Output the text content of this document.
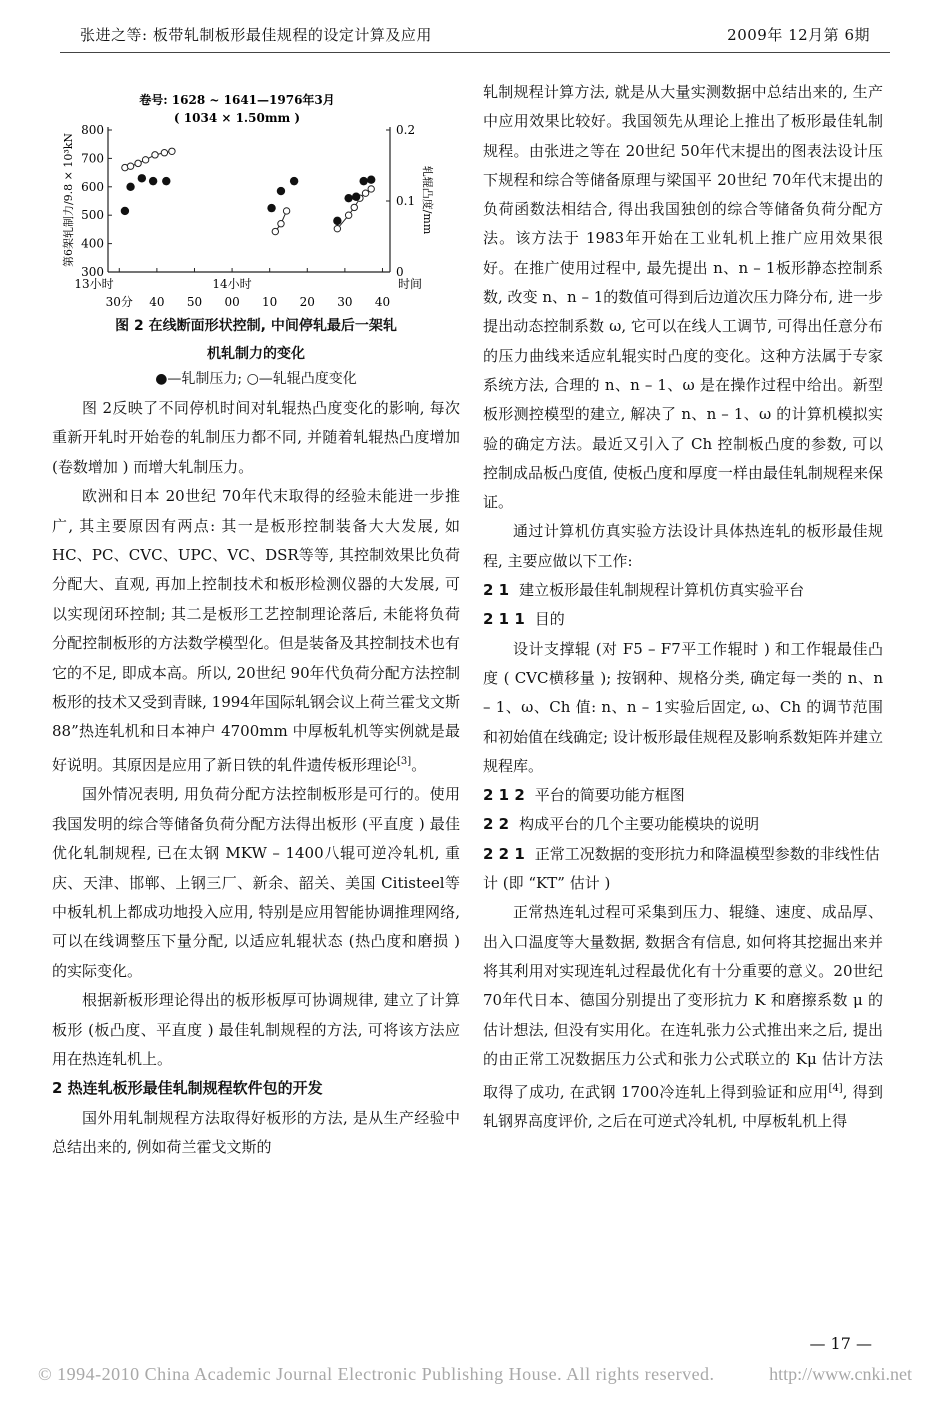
张进之等: 板带轧制板形最佳规程的设定计算及应用	2009年 12月第 6期
卷号: 1628 ~ 1641—1976年3月
( 1034 × 1.50mm )
800
700
600
500
400
300
0.2
0.1
0
第6架轧制力/9.8 × 10³kN	轧辊凸度/mm
13小时	14小时	时间
30分 40 50 00 10 20 30 40

图 2 在线断面形状控制, 中间停轧最后一架轧

机轧制力的变化

●—轧制压力; ○—轧辊凸度变化

图 2反映了不同停机时间对轧辊热凸度变化的影响, 每次重新开轧时开始卷的轧制压力都不同, 并随着轧辊热凸度增加 (卷数增加 ) 而增大轧制压力。

欧洲和日本 20世纪 70年代末取得的经验未能进一步推广, 其主要原因有两点: 其一是板形控制装备大大发展, 如 HC、PC、CVC、UPC、VC、DSR等等, 其控制效果比负荷分配大、直观, 再加上控制技术和板形检测仪器的大发展, 可以实现闭环控制; 其二是板形工艺控制理论落后, 未能将负荷分配控制板形的方法数学模型化。但是装备及其控制技术也有它的不足, 即成本高。所以, 20世纪 90年代负荷分配方法控制板形的技术又受到青睐, 1994年国际轧钢会议上荷兰霍戈文斯 88”热连轧机和日本神户 4700mm 中厚板轧机等实例就是最好说明。其原因是应用了新日铁的轧件遗传板形理论[3]。

国外情况表明, 用负荷分配方法控制板形是可行的。使用我国发明的综合等储备负荷分配方法得出板形 (平直度 ) 最佳优化轧制规程, 已在太钢 MKW – 1400八辊可逆冷轧机, 重庆、天津、邯郸、上钢三厂、新余、韶关、美国 Citisteel等中板轧机上都成功地投入应用, 特别是应用智能协调推理网络, 可以在线调整压下量分配, 以适应轧辊状态 (热凸度和磨损 ) 的实际变化。

根据新板形理论得出的板形板厚可协调规律, 建立了计算板形 (板凸度、平直度 ) 最佳轧制规程的方法, 可将该方法应用在热连轧机上。

2 热连轧板形最佳轧制规程软件包的开发

国外用轧制规程方法取得好板形的方法, 是从生产经验中总结出来的, 例如荷兰霍戈文斯的

轧制规程计算方法, 就是从大量实测数据中总结出来的, 生产中应用效果比较好。我国领先从理论上推出了板形最佳轧制规程。由张进之等在 20世纪 50年代末提出的图表法设计压下规程和综合等储备原理与梁国平 20世纪 70年代末提出的负荷函数法相结合, 得出我国独创的综合等储备负荷分配方法。该方法于 1983年开始在工业轧机上推广应用效果很好。在推广使用过程中, 最先提出 n、n – 1板形静态控制系数, 改变 n、n – 1的数值可得到后边道次压力降分布, 进一步提出动态控制系数 ω, 它可以在线人工调节, 可得出任意分布的压力曲线来适应轧辊实时凸度的变化。这种方法属于专家系统方法, 合理的 n、n – 1、ω 是在操作过程中给出。新型板形测控模型的建立, 解决了 n、n – 1、ω 的计算机模拟实验的确定方法。最近又引入了 Ch 控制板凸度的参数, 可以控制成品板凸度值, 使板凸度和厚度一样由最佳轧制规程来保证。

通过计算机仿真实验方法设计具体热连轧的板形最佳规程, 主要应做以下工作:

2 1 建立板形最佳轧制规程计算机仿真实验平台

2 1 1 目的

设计支撑辊 (对 F5 – F7平工作辊时 ) 和工作辊最佳凸度 ( CVC横移量 ); 按钢种、规格分类, 确定每一类的 n、n – 1、ω、Ch 值: n、n – 1实验后固定, ω、Ch 的调节范围和初始值在线确定; 设计板形最佳规程及影响系数矩阵并建立规程库。

2 1 2 平台的简要功能方框图

2 2 构成平台的几个主要功能模块的说明

2 2 1 正常工况数据的变形抗力和降温模型参数的非线性估计 (即 “KT” 估计 )

正常热连轧过程可采集到压力、辊缝、速度、成品厚、出入口温度等大量数据, 数据含有信息, 如何将其挖掘出来并将其利用对实现连轧过程最优化有十分重要的意义。20世纪 70年代日本、德国分别提出了变形抗力 K 和磨擦系数 μ 的估计想法, 但没有实用化。在连轧张力公式推出来之后, 提出的由正常工况数据压力公式和张力公式联立的 Kμ 估计方法取得了成功, 在武钢 1700冷连轧上得到验证和应用[4], 得到轧钢界高度评价, 之后在可逆式冷轧机, 中厚板轧机上得

— 17 —
© 1994-2010 China Academic Journal Electronic Publishing House. All rights reserved.	http://www.cnki.net
